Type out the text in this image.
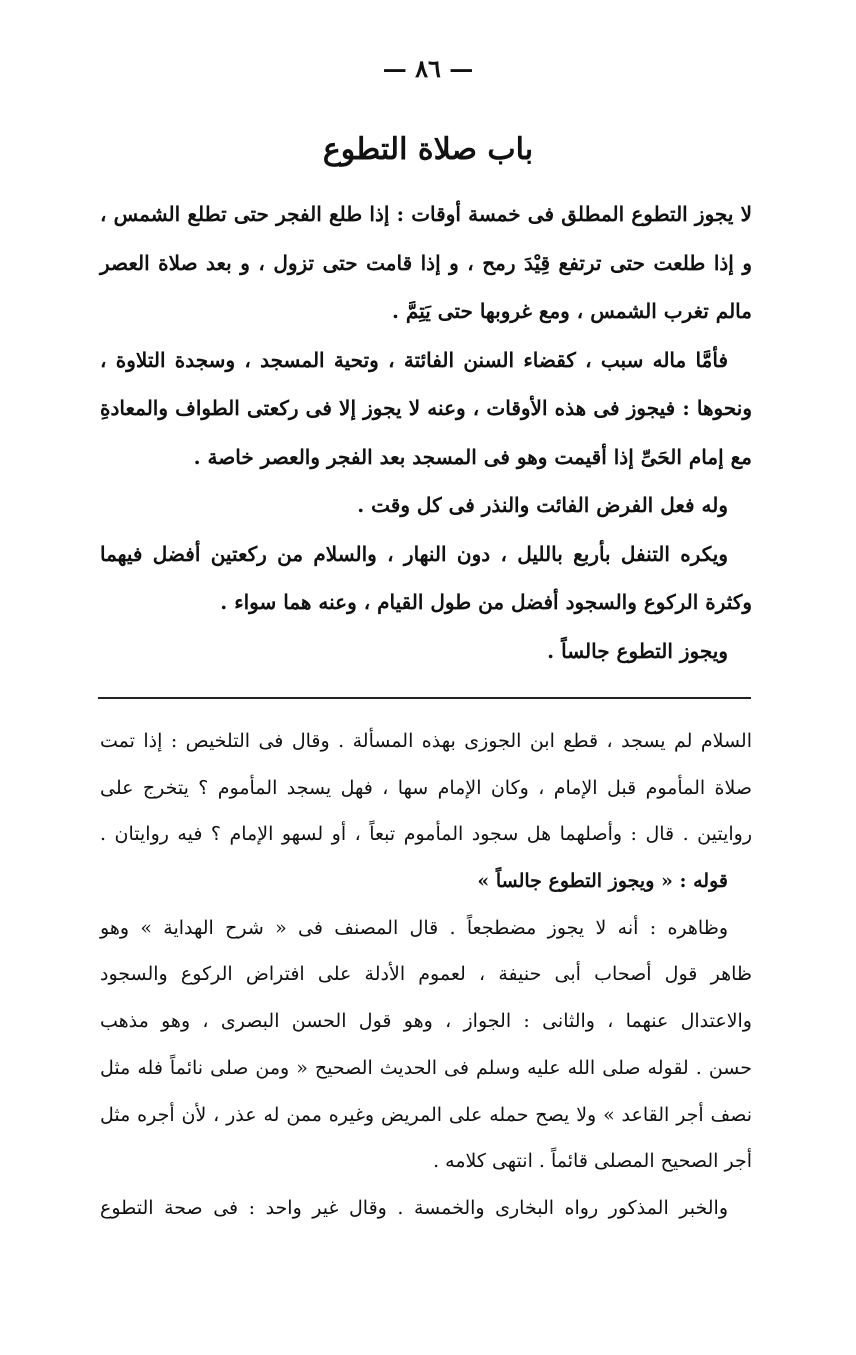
— ٨٦ —
باب صلاة التطوع
لا يجوز التطوع المطلق فى خمسة أوقات : إذا طلع الفجر حتى تطلع الشمس ،
و إذا طلعت حتى ترتفع قِيْدَ رمح ، و إذا قامت حتى تزول ، و بعد صلاة العصر
مالم تغرب الشمس ، ومع غروبها حتى يَتِمَّ .
فأمَّا ماله سبب ، كقضاء السنن الفائتة ، وتحية المسجد ، وسجدة التلاوة ،
ونحوها : فيجوز فى هذه الأوقات ، وعنه لا يجوز إلا فى ركعتى الطواف والمعادةِ
مع إمام الحَىِّ إذا أقيمت وهو فى المسجد بعد الفجر والعصر خاصة .
وله فعل الفرض الفائت والنذر فى كل وقت .
ويكره التنفل بأربع بالليل ، دون النهار ، والسلام من ركعتين أفضل فيهما
وكثرة الركوع والسجود أفضل من طول القيام ، وعنه هما سواء .
ويجوز التطوع جالساً .
السلام لم يسجد ، قطع ابن الجوزى بهذه المسألة . وقال فى التلخيص : إذا تمت
صلاة المأموم قبل الإمام ، وكان الإمام سها ، فهل يسجد المأموم ؟ يتخرج على
روايتين . قال : وأصلهما هل سجود المأموم تبعاً ، أو لسهو الإمام ؟ فيه روايتان .
قوله : « ويجوز التطوع جالساً »
وظاهره : أنه لا يجوز مضطجعاً . قال المصنف فى « شرح الهداية » وهو
ظاهر قول أصحاب أبى حنيفة ، لعموم الأدلة على افتراض الركوع والسجود
والاعتدال عنهما ، والثانى : الجواز ، وهو قول الحسن البصرى ، وهو مذهب
حسن . لقوله صلى الله عليه وسلم فى الحديث الصحيح « ومن صلى نائماً فله مثل
نصف أجر القاعد » ولا يصح حمله على المريض وغيره ممن له عذر ، لأن أجره مثل
أجر الصحيح المصلى قائماً . انتهى كلامه .
والخبر المذكور رواه البخارى والخمسة . وقال غير واحد : فى صحة التطوع
